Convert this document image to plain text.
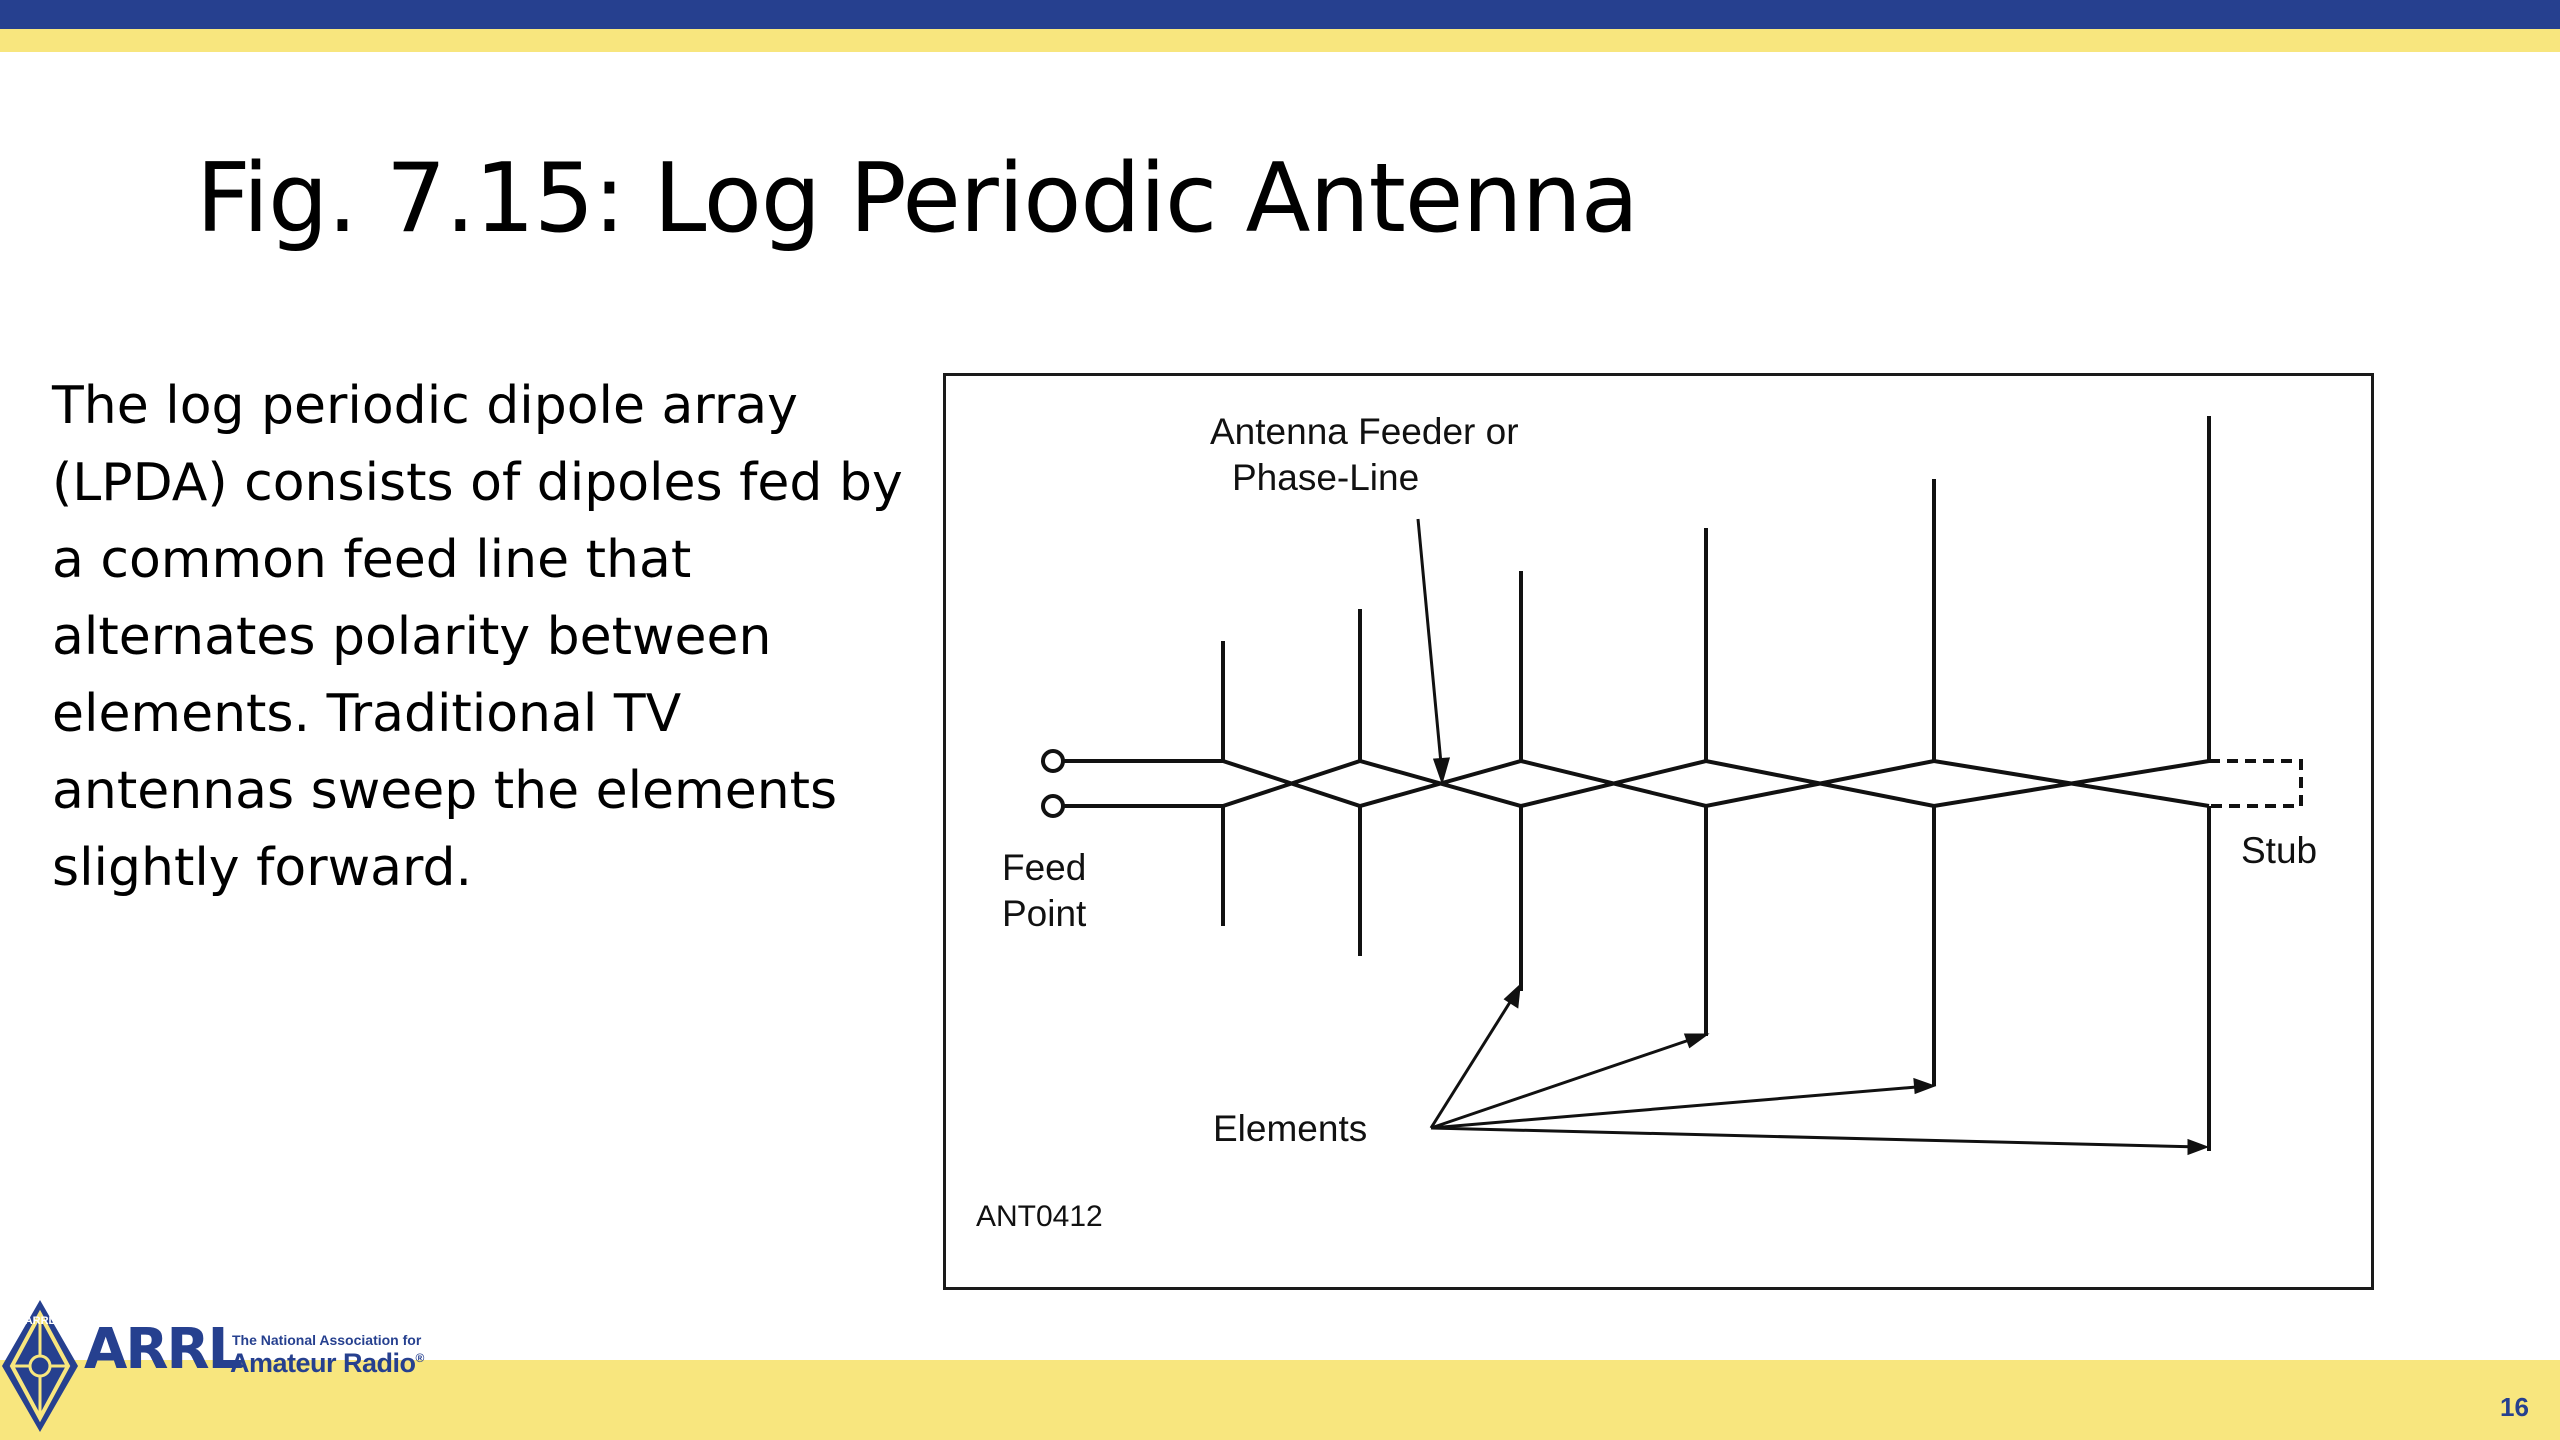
Fig. 7.15: Log Periodic Antenna
The log periodic dipole array (LPDA) consists of dipoles fed by a common feed line that alternates polarity between elements. Traditional TV antennas sweep the elements slightly forward.
Antenna Feeder or
Phase-Line
Feed
Point
Stub
Elements
ANT0412
ARRL ARRL
The National Association for
Amateur Radio®
16
